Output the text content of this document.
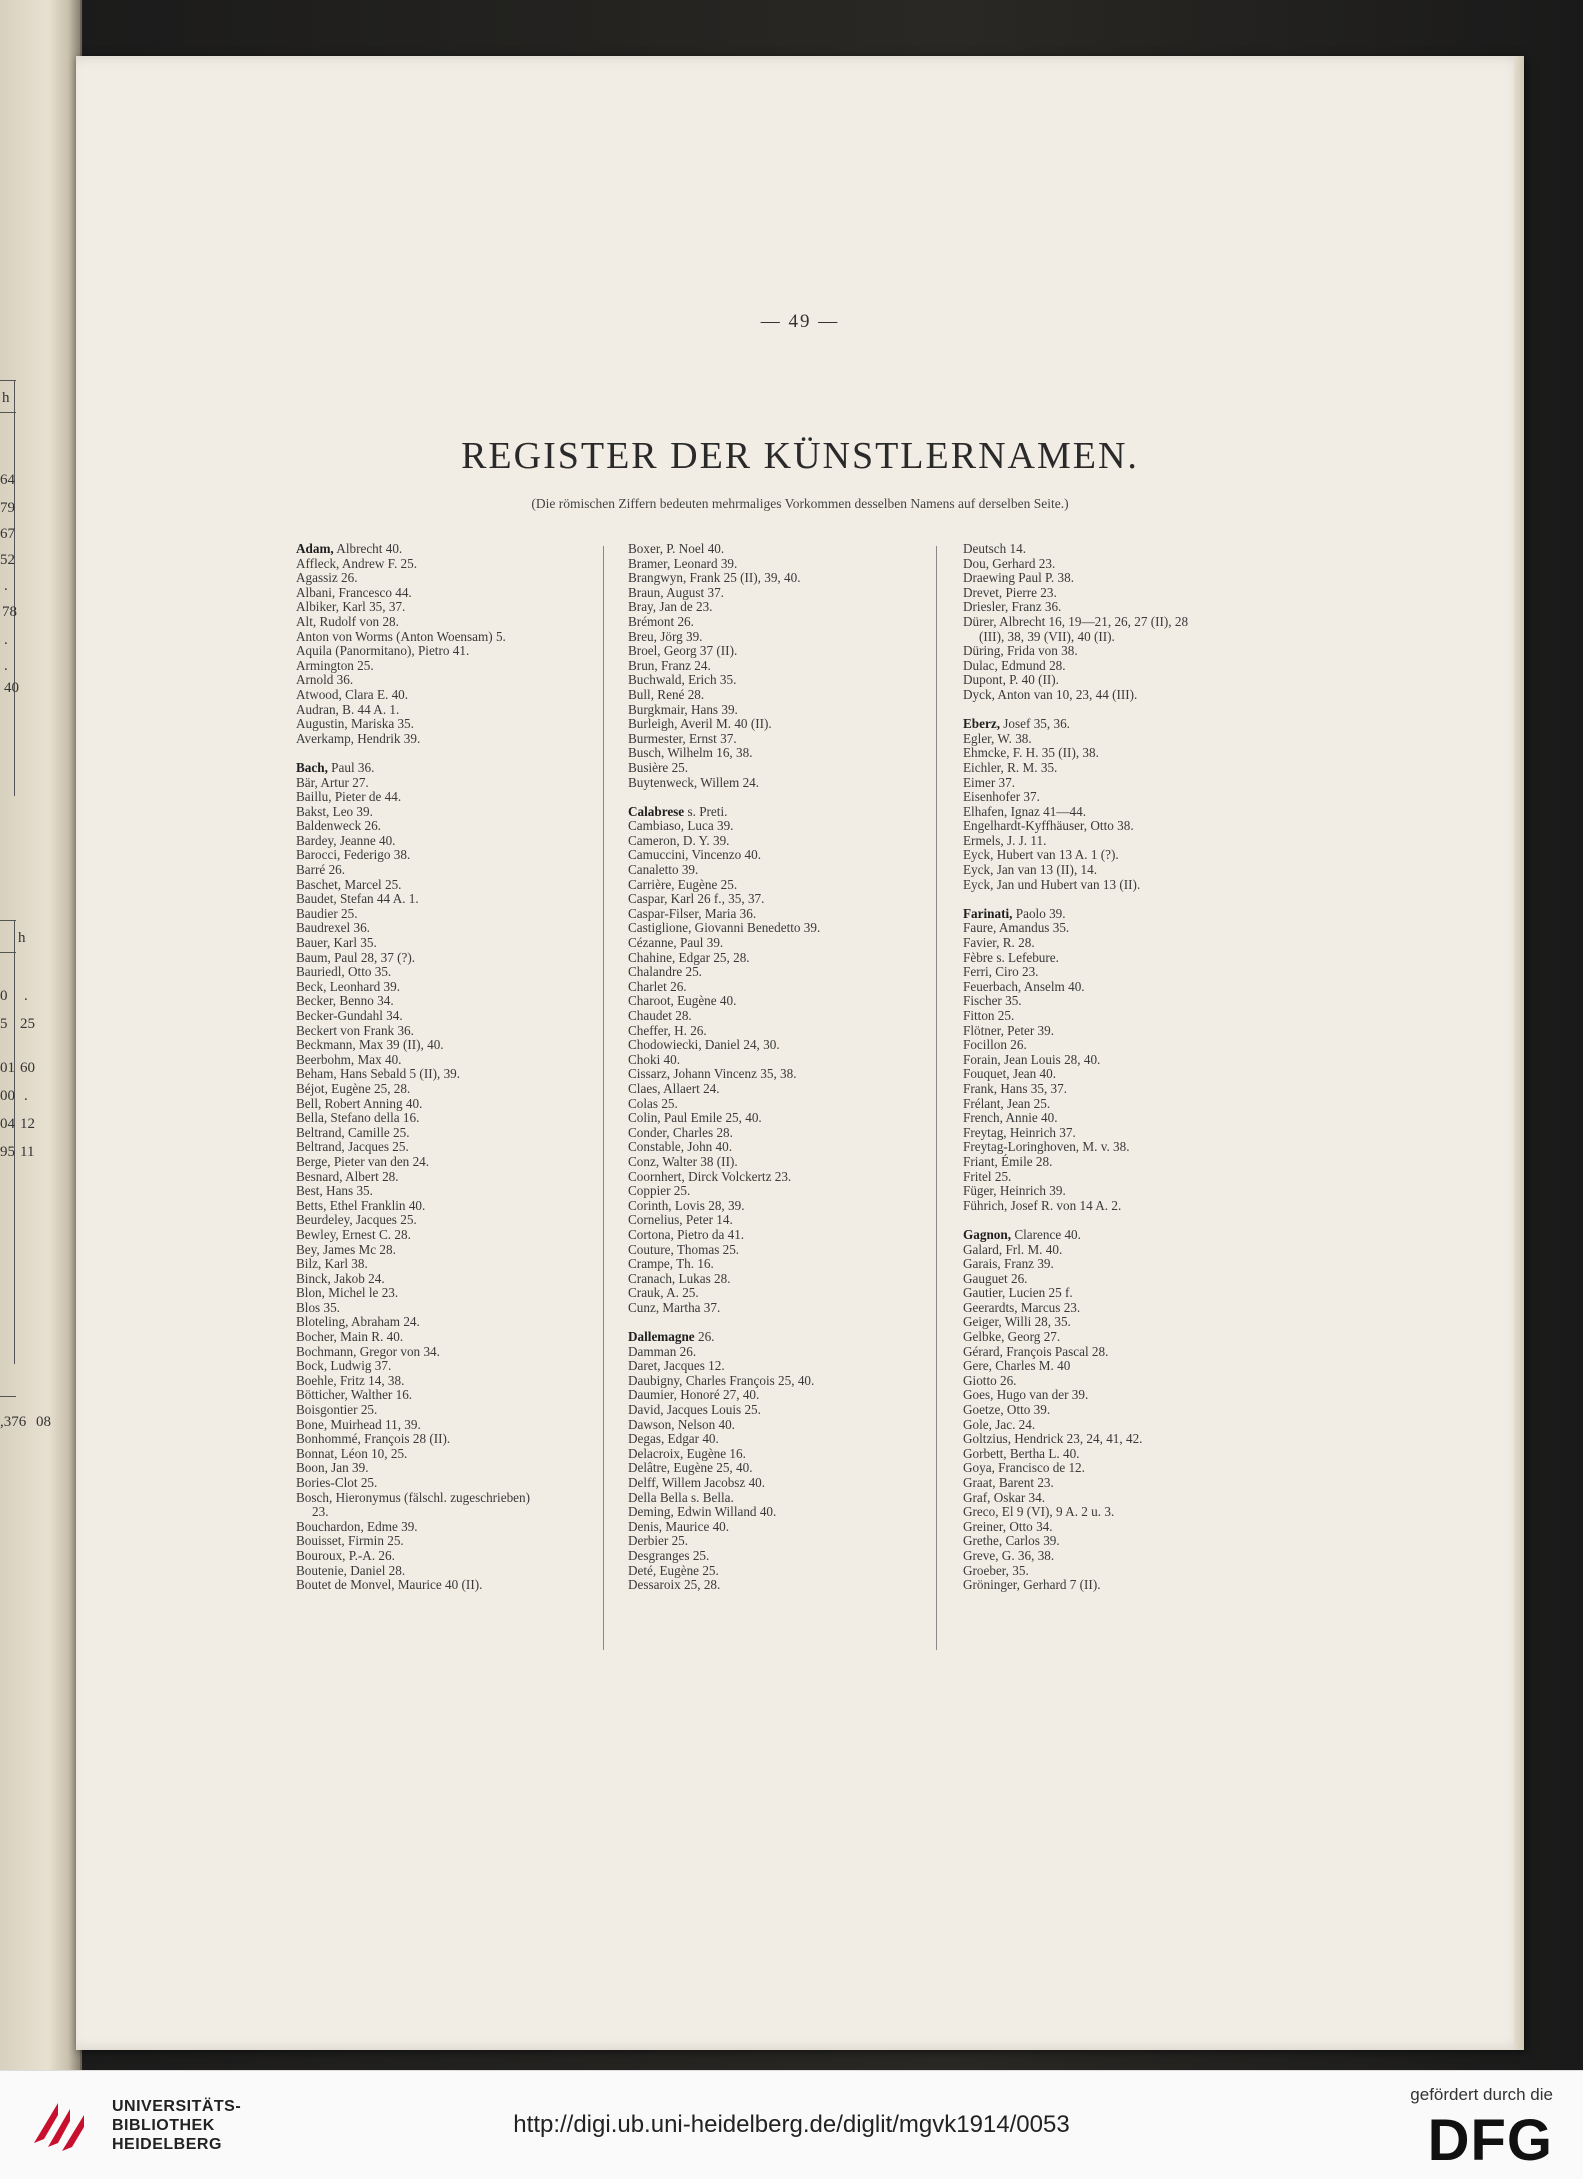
h
h
64
79
67
52
.
78
.
.
40
0
5
01
00
04
95
.
25
60
.
12
11
,376 08
— 49 —
REGISTER DER KÜNSTLERNAMEN.
(Die römischen Ziffern bedeuten mehrmaliges Vorkommen desselben Namens auf derselben Seite.)
Adam, Albrecht 40.
Affleck, Andrew F. 25.
Agassiz 26.
Albani, Francesco 44.
Albiker, Karl 35, 37.
Alt, Rudolf von 28.
Anton von Worms (Anton Woensam) 5.
Aquila (Panormitano), Pietro 41.
Armington 25.
Arnold 36.
Atwood, Clara E. 40.
Audran, B. 44 A. 1.
Augustin, Mariska 35.
Averkamp, Hendrik 39.
Bach, Paul 36.
Bär, Artur 27.
Baillu, Pieter de 44.
Bakst, Leo 39.
Baldenweck 26.
Bardey, Jeanne 40.
Barocci, Federigo 38.
Barré 26.
Baschet, Marcel 25.
Baudet, Stefan 44 A. 1.
Baudier 25.
Baudrexel 36.
Bauer, Karl 35.
Baum, Paul 28, 37 (?).
Bauriedl, Otto 35.
Beck, Leonhard 39.
Becker, Benno 34.
Becker-Gundahl 34.
Beckert von Frank 36.
Beckmann, Max 39 (II), 40.
Beerbohm, Max 40.
Beham, Hans Sebald 5 (II), 39.
Béjot, Eugène 25, 28.
Bell, Robert Anning 40.
Bella, Stefano della 16.
Beltrand, Camille 25.
Beltrand, Jacques 25.
Berge, Pieter van den 24.
Besnard, Albert 28.
Best, Hans 35.
Betts, Ethel Franklin 40.
Beurdeley, Jacques 25.
Bewley, Ernest C. 28.
Bey, James Mc 28.
Bilz, Karl 38.
Binck, Jakob 24.
Blon, Michel le 23.
Blos 35.
Bloteling, Abraham 24.
Bocher, Main R. 40.
Bochmann, Gregor von 34.
Bock, Ludwig 37.
Boehle, Fritz 14, 38.
Bötticher, Walther 16.
Boisgontier 25.
Bone, Muirhead 11, 39.
Bonhommé, François 28 (II).
Bonnat, Léon 10, 25.
Boon, Jan 39.
Bories-Clot 25.
Bosch, Hieronymus (fälschl. zugeschrieben)
23.
Bouchardon, Edme 39.
Bouisset, Firmin 25.
Bouroux, P.-A. 26.
Boutenie, Daniel 28.
Boutet de Monvel, Maurice 40 (II).
Boxer, P. Noel 40.
Bramer, Leonard 39.
Brangwyn, Frank 25 (II), 39, 40.
Braun, August 37.
Bray, Jan de 23.
Brémont 26.
Breu, Jörg 39.
Broel, Georg 37 (II).
Brun, Franz 24.
Buchwald, Erich 35.
Bull, René 28.
Burgkmair, Hans 39.
Burleigh, Averil M. 40 (II).
Burmester, Ernst 37.
Busch, Wilhelm 16, 38.
Busière 25.
Buytenweck, Willem 24.
Calabrese s. Preti.
Cambiaso, Luca 39.
Cameron, D. Y. 39.
Camuccini, Vincenzo 40.
Canaletto 39.
Carrière, Eugène 25.
Caspar, Karl 26 f., 35, 37.
Caspar-Filser, Maria 36.
Castiglione, Giovanni Benedetto 39.
Cézanne, Paul 39.
Chahine, Edgar 25, 28.
Chalandre 25.
Charlet 26.
Charoot, Eugène 40.
Chaudet 28.
Cheffer, H. 26.
Chodowiecki, Daniel 24, 30.
Choki 40.
Cissarz, Johann Vincenz 35, 38.
Claes, Allaert 24.
Colas 25.
Colin, Paul Emile 25, 40.
Conder, Charles 28.
Constable, John 40.
Conz, Walter 38 (II).
Coornhert, Dirck Volckertz 23.
Coppier 25.
Corinth, Lovis 28, 39.
Cornelius, Peter 14.
Cortona, Pietro da 41.
Couture, Thomas 25.
Crampe, Th. 16.
Cranach, Lukas 28.
Crauk, A. 25.
Cunz, Martha 37.
Dallemagne 26.
Damman 26.
Daret, Jacques 12.
Daubigny, Charles François 25, 40.
Daumier, Honoré 27, 40.
David, Jacques Louis 25.
Dawson, Nelson 40.
Degas, Edgar 40.
Delacroix, Eugène 16.
Delâtre, Eugène 25, 40.
Delff, Willem Jacobsz 40.
Della Bella s. Bella.
Deming, Edwin Willand 40.
Denis, Maurice 40.
Derbier 25.
Desgranges 25.
Deté, Eugène 25.
Dessaroix 25, 28.
Deutsch 14.
Dou, Gerhard 23.
Draewing Paul P. 38.
Drevet, Pierre 23.
Driesler, Franz 36.
Dürer, Albrecht 16, 19—21, 26, 27 (II), 28
(III), 38, 39 (VII), 40 (II).
Düring, Frida von 38.
Dulac, Edmund 28.
Dupont, P. 40 (II).
Dyck, Anton van 10, 23, 44 (III).
Eberz, Josef 35, 36.
Egler, W. 38.
Ehmcke, F. H. 35 (II), 38.
Eichler, R. M. 35.
Eimer 37.
Eisenhofer 37.
Elhafen, Ignaz 41—44.
Engelhardt-Kyffhäuser, Otto 38.
Ermels, J. J. 11.
Eyck, Hubert van 13 A. 1 (?).
Eyck, Jan van 13 (II), 14.
Eyck, Jan und Hubert van 13 (II).
Farinati, Paolo 39.
Faure, Amandus 35.
Favier, R. 28.
Fèbre s. Lefebure.
Ferri, Ciro 23.
Feuerbach, Anselm 40.
Fischer 35.
Fitton 25.
Flötner, Peter 39.
Focillon 26.
Forain, Jean Louis 28, 40.
Fouquet, Jean 40.
Frank, Hans 35, 37.
Frélant, Jean 25.
French, Annie 40.
Freytag, Heinrich 37.
Freytag-Loringhoven, M. v. 38.
Friant, Émile 28.
Fritel 25.
Füger, Heinrich 39.
Führich, Josef R. von 14 A. 2.
Gagnon, Clarence 40.
Galard, Frl. M. 40.
Garais, Franz 39.
Gauguet 26.
Gautier, Lucien 25 f.
Geerardts, Marcus 23.
Geiger, Willi 28, 35.
Gelbke, Georg 27.
Gérard, François Pascal 28.
Gere, Charles M. 40
Giotto 26.
Goes, Hugo van der 39.
Goetze, Otto 39.
Gole, Jac. 24.
Goltzius, Hendrick 23, 24, 41, 42.
Gorbett, Bertha L. 40.
Goya, Francisco de 12.
Graat, Barent 23.
Graf, Oskar 34.
Greco, El 9 (VI), 9 A. 2 u. 3.
Greiner, Otto 34.
Grethe, Carlos 39.
Greve, G. 36, 38.
Groeber, 35.
Gröninger, Gerhard 7 (II).
UNIVERSITÄTS-
BIBLIOTHEK
HEIDELBERG
http://digi.ub.uni-heidelberg.de/diglit/mgvk1914/0053
gefördert durch die
DFG
